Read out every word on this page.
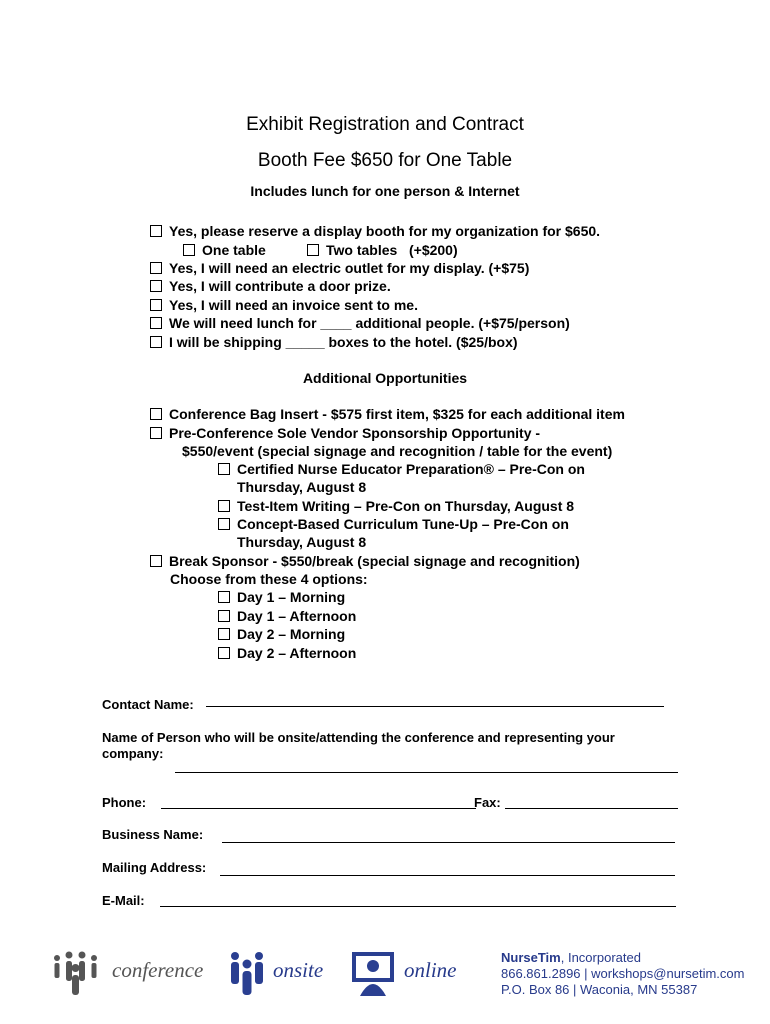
Exhibit Registration and Contract
Booth Fee $650 for One Table
Includes lunch for one person & Internet
Yes, please reserve a display booth for my organization for $650.
One table	Two tables   (+$200)
Yes, I will need an electric outlet for my display. (+$75)
Yes, I will contribute a door prize.
Yes, I will need an invoice sent to me.
We will need lunch for ____ additional people. (+$75/person)
I will be shipping _____ boxes to the hotel. ($25/box)
Additional Opportunities
Conference Bag Insert - $575 first item, $325 for each additional item
Pre-Conference Sole Vendor Sponsorship Opportunity -
$550/event (special signage and recognition / table for the event)
Certified Nurse Educator Preparation® – Pre-Con on
Thursday, August 8
Test-Item Writing – Pre-Con on Thursday, August 8
Concept-Based Curriculum Tune-Up – Pre-Con on
Thursday, August 8
Break Sponsor - $550/break (special signage and recognition)
Choose from these 4 options:
Day 1 – Morning
Day 1 – Afternoon
Day 2 – Morning
Day 2 – Afternoon
Contact Name:
Name of Person who will be onsite/attending the conference and representing your
company:
Phone:	Fax:
Business Name:
Mailing Address:
E-Mail:
conference	onsite	online
NurseTim, Incorporated
866.861.2896 | workshops@nursetim.com
P.O. Box 86 | Waconia, MN 55387
